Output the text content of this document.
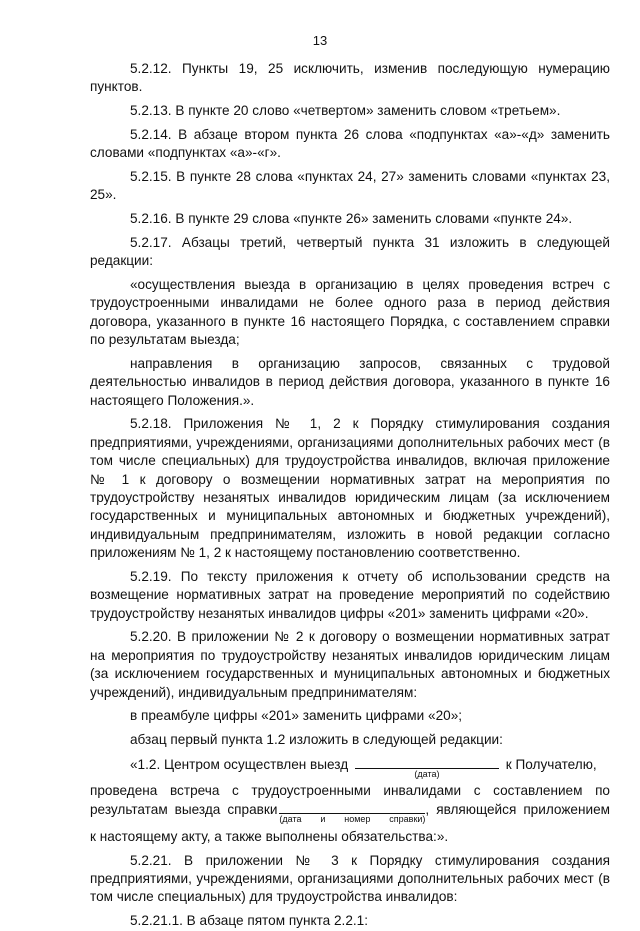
13

5.2.12. Пункты 19, 25 исключить, изменив последующую нумерацию пунктов.

5.2.13. В пункте 20 слово «четвертом» заменить словом «третьем».

5.2.14. В абзаце втором пункта 26 слова «подпунктах «а»-«д» заменить словами «подпунктах «а»-«г».

5.2.15. В пункте 28 слова «пунктах 24, 27» заменить словами «пунктах 23, 25».

5.2.16. В пункте 29 слова «пункте 26» заменить словами «пункте 24».

5.2.17. Абзацы третий, четвертый пункта 31 изложить в следующей редакции:

«осуществления выезда в организацию в целях проведения встреч с трудоустроенными инвалидами не более одного раза в период действия договора, указанного в пункте 16 настоящего Порядка, с составлением справки по результатам выезда;

направления в организацию запросов, связанных с трудовой деятельностью инвалидов в период действия договора, указанного в пункте 16 настоящего Положения.».

5.2.18. Приложения № 1, 2 к Порядку стимулирования создания предприятиями, учреждениями, организациями дополнительных рабочих мест (в том числе специальных) для трудоустройства инвалидов, включая приложение № 1 к договору о возмещении нормативных затрат на мероприятия по трудоустройству незанятых инвалидов юридическим лицам (за исключением государственных и муниципальных автономных и бюджетных учреждений), индивидуальным предпринимателям, изложить в новой редакции согласно приложениям № 1, 2 к настоящему постановлению соответственно.

5.2.19. По тексту приложения к отчету об использовании средств на возмещение нормативных затрат на проведение мероприятий по содействию трудоустройству незанятых инвалидов цифры «201» заменить цифрами «20».

5.2.20. В приложении № 2 к договору о возмещении нормативных затрат на мероприятия по трудоустройству незанятых инвалидов юридическим лицам (за исключением государственных и муниципальных автономных и бюджетных учреждений), индивидуальным предпринимателям:

в преамбуле цифры «201» заменить цифрами «20»;

абзац первый пункта 1.2 изложить в следующей редакции:

«1.2. Центром осуществлен выезд
(дата)
к Получателю,

проведена встреча с трудоустроенными инвалидами с составлением по результатам выезда справки
(дата и номер справки)
, являющейся приложением

к настоящему акту, а также выполнены обязательства:».

5.2.21. В приложении № 3 к Порядку стимулирования создания предприятиями, учреждениями, организациями дополнительных рабочих мест (в том числе специальных) для трудоустройства инвалидов:

5.2.21.1. В абзаце пятом пункта 2.2.1:
